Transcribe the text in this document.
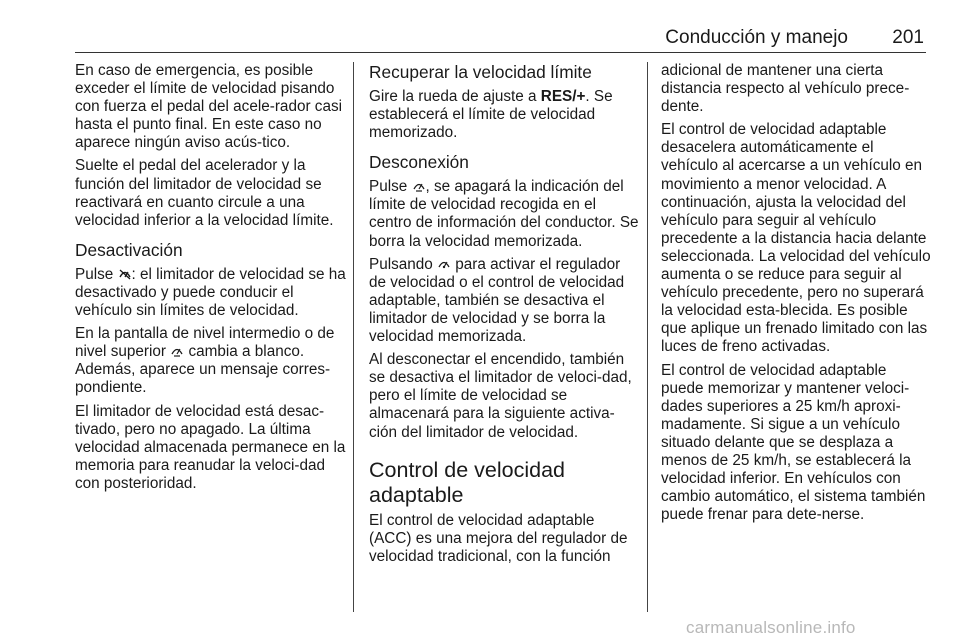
Conducción y manejo 201

En caso de emergencia, es posible exceder el límite de velocidad pisando con fuerza el pedal del acele-rador casi hasta el punto final. En este caso no aparece ningún aviso acús-tico.

Suelte el pedal del acelerador y la función del limitador de velocidad se reactivará en cuanto circule a una velocidad inferior a la velocidad límite.

Desactivación

Pulse
: el limitador de velocidad se ha desactivado y puede conducir el vehículo sin límites de velocidad.

En la pantalla de nivel intermedio o de nivel superior
cambia a blanco. Además, aparece un mensaje corres-pondiente.

El limitador de velocidad está desac-tivado, pero no apagado. La última velocidad almacenada permanece en la memoria para reanudar la veloci-dad con posterioridad.

Recuperar la velocidad límite

Gire la rueda de ajuste a RES/+. Se establecerá el límite de velocidad memorizado.

Desconexión

Pulse
, se apagará la indicación del límite de velocidad recogida en el centro de información del conductor. Se borra la velocidad memorizada.

Pulsando
para activar el regulador de velocidad o el control de velocidad adaptable, también se desactiva el limitador de velocidad y se borra la velocidad memorizada.

Al desconectar el encendido, también se desactiva el limitador de veloci-dad, pero el límite de velocidad se almacenará para la siguiente activa-ción del limitador de velocidad.

Control de velocidad adaptable

El control de velocidad adaptable (ACC) es una mejora del regulador de velocidad tradicional, con la función

adicional de mantener una cierta distancia respecto al vehículo prece-dente.

El control de velocidad adaptable desacelera automáticamente el vehículo al acercarse a un vehículo en movimiento a menor velocidad. A continuación, ajusta la velocidad del vehículo para seguir al vehículo precedente a la distancia hacia delante seleccionada. La velocidad del vehículo aumenta o se reduce para seguir al vehículo precedente, pero no superará la velocidad esta-blecida. Es posible que aplique un frenado limitado con las luces de freno activadas.

El control de velocidad adaptable puede memorizar y mantener veloci-dades superiores a 25 km/h aproxi-madamente. Si sigue a un vehículo situado delante que se desplaza a menos de 25 km/h, se establecerá la velocidad inferior. En vehículos con cambio automático, el sistema también puede frenar para dete-nerse.

carmanualsonline.info
